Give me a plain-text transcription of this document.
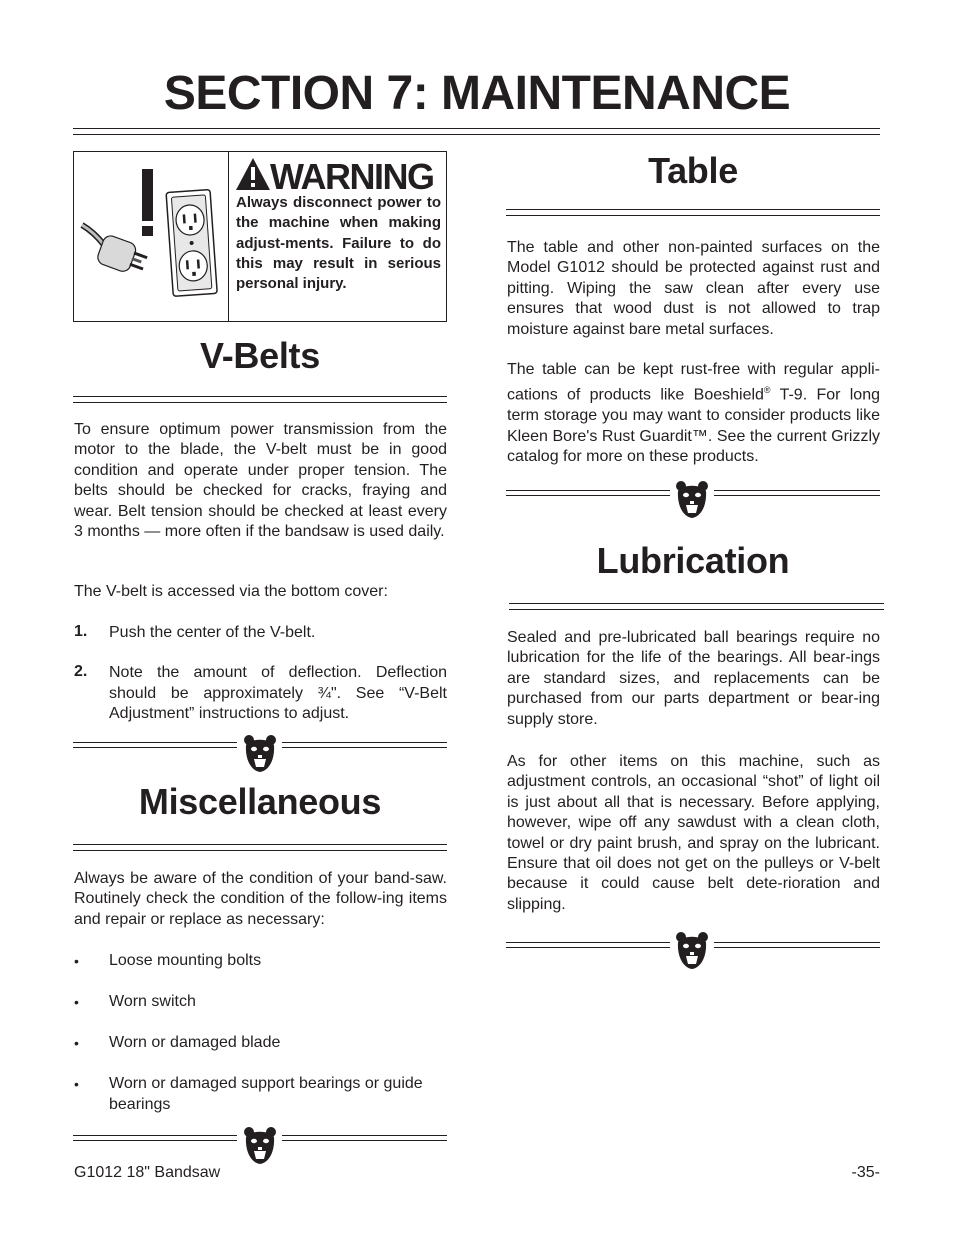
SECTION 7: MAINTENANCE
WARNING
Always disconnect power to the machine when making adjust-ments. Failure to do this may result in serious personal injury.
V-Belts

To ensure optimum power transmission from the motor to the blade, the V-belt must be in good condition and operate under proper tension. The belts should be checked for cracks, fraying and wear. Belt tension should be checked at least every 3 months — more often if the bandsaw is used daily.

The V-belt is accessed via the bottom cover:

1. Push the center of the V-belt.
2. Note the amount of deflection. Deflection should be approximately ¾". See “V-Belt Adjustment” instructions to adjust.
Miscellaneous

Always be aware of the condition of your band-saw. Routinely check the condition of the follow-ing items and repair or replace as necessary:

• Loose mounting bolts
• Worn switch
• Worn or damaged blade
• Worn or damaged support bearings or guide bearings
Table

The table and other non-painted surfaces on the Model G1012 should be protected against rust and pitting. Wiping the saw clean after every use ensures that wood dust is not allowed to trap moisture against bare metal surfaces.

The table can be kept rust-free with regular appli-cations of products like Boeshield® T-9. For long term storage you may want to consider products like Kleen Bore's Rust Guardit™. See the current Grizzly catalog for more on these products.

Lubrication

Sealed and pre-lubricated ball bearings require no lubrication for the life of the bearings. All bear-ings are standard sizes, and replacements can be purchased from our parts department or bear-ing supply store.

As for other items on this machine, such as adjustment controls, an occasional “shot” of light oil is just about all that is necessary. Before applying, however, wipe off any sawdust with a clean cloth, towel or dry paint brush, and spray on the lubricant. Ensure that oil does not get on the pulleys or V-belt because it could cause belt dete-rioration and slipping.

G1012 18" Bandsaw	-35-
